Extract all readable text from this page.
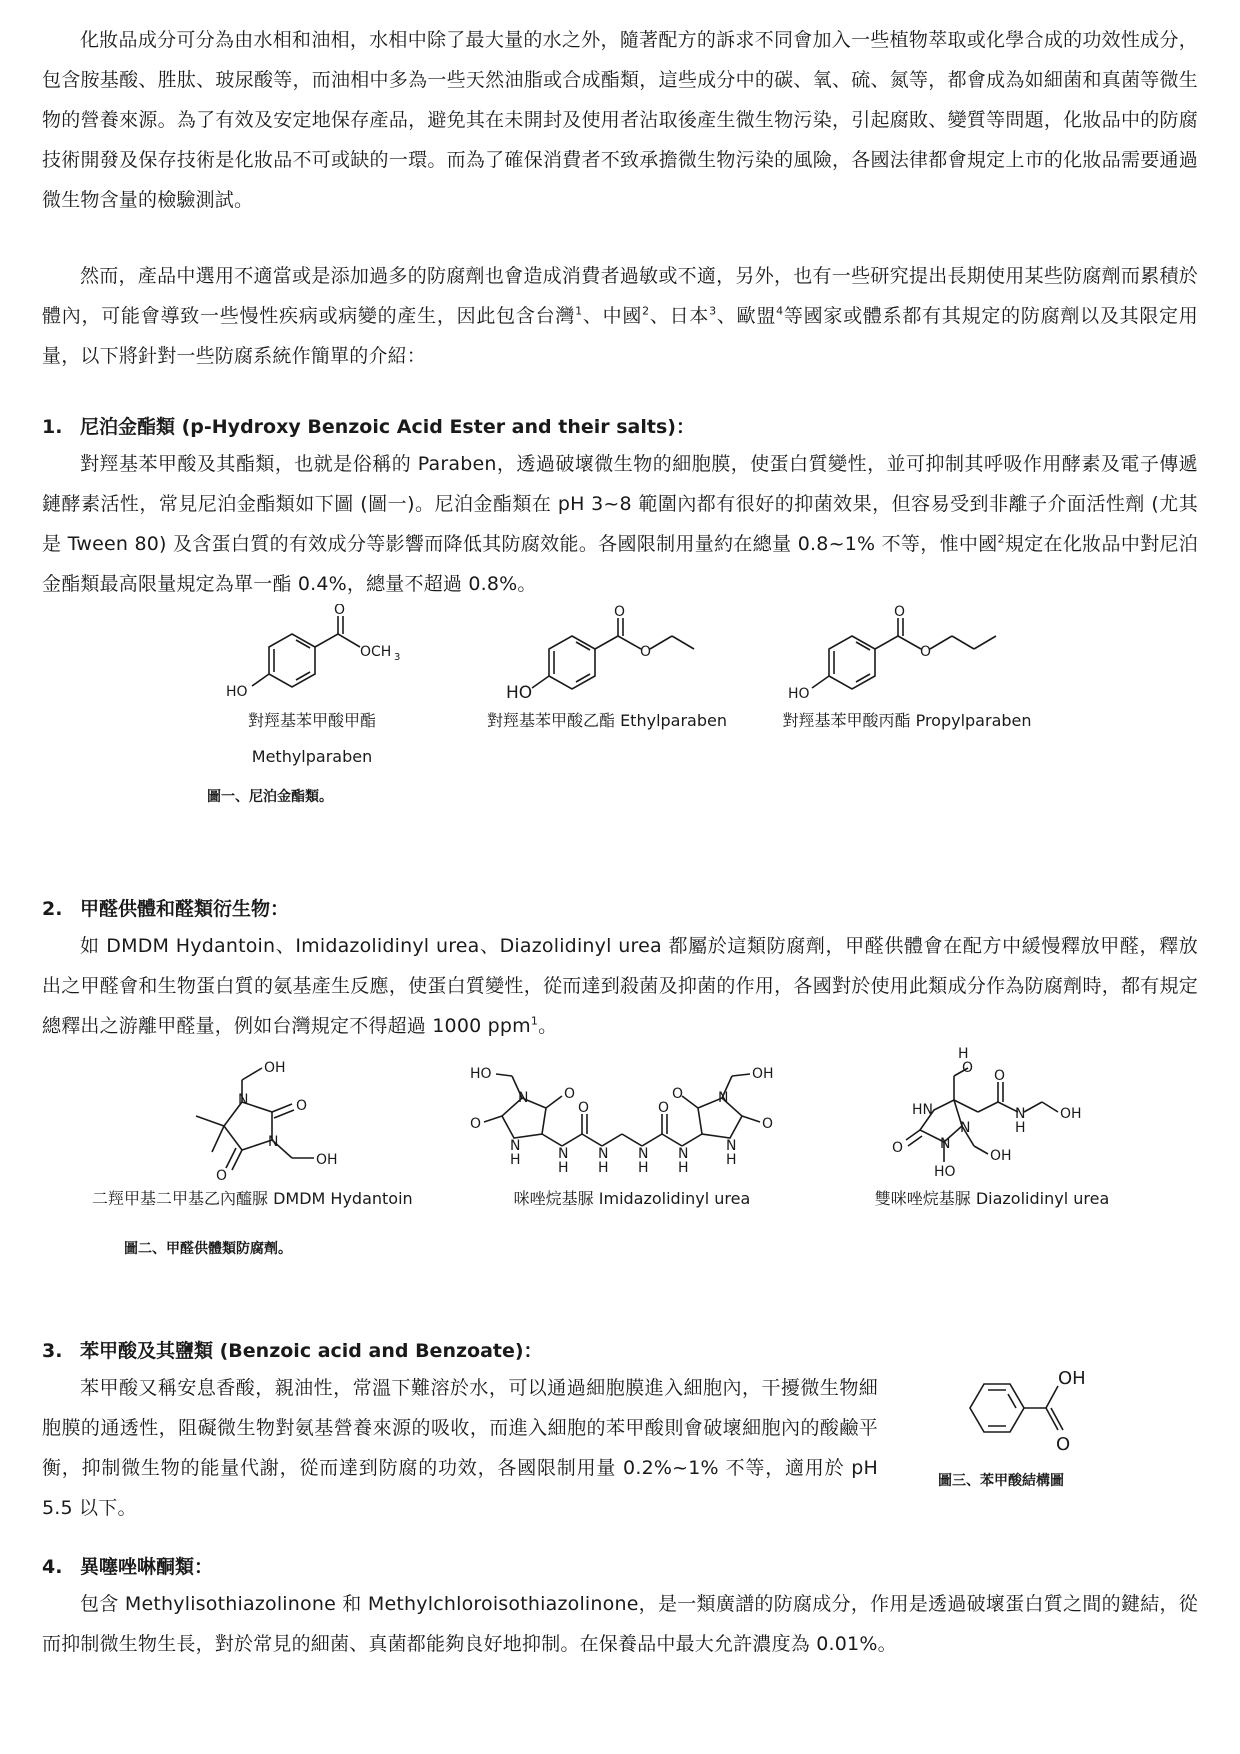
化妝品成分可分為由水相和油相，水相中除了最大量的水之外，隨著配方的訴求不同會加入一些植物萃取或化學合成的功效性成分，包含胺基酸、胜肽、玻尿酸等，而油相中多為一些天然油脂或合成酯類，這些成分中的碳、氧、硫、氮等，都會成為如細菌和真菌等微生物的營養來源。為了有效及安定地保存產品，避免其在未開封及使用者沾取後產生微生物污染，引起腐敗、變質等問題，化妝品中的防腐技術開發及保存技術是化妝品不可或缺的一環。而為了確保消費者不致承擔微生物污染的風險，各國法律都會規定上市的化妝品需要通過微生物含量的檢驗測試。

然而，產品中選用不適當或是添加過多的防腐劑也會造成消費者過敏或不適，另外，也有一些研究提出長期使用某些防腐劑而累積於體內，可能會導致一些慢性疾病或病變的產生，因此包含台灣$^1$、中國$^2$、日本$^3$、歐盟$^4$等國家或體系都有其規定的防腐劑以及其限定用量，以下將針對一些防腐系統作簡單的介紹：

1. 尼泊金酯類 (p-Hydroxy Benzoic Acid Ester and their salts)：

對羥基苯甲酸及其酯類，也就是俗稱的 Paraben，透過破壞微生物的細胞膜，使蛋白質變性，並可抑制其呼吸作用酵素及電子傳遞鏈酵素活性，常見尼泊金酯類如下圖 (圖一)。尼泊金酯類在 pH 3~8 範圍內都有很好的抑菌效果，但容易受到非離子介面活性劑 (尤其是 Tween 80) 及含蛋白質的有效成分等影響而降低其防腐效能。各國限制用量約在總量 0.8~1% 不等，惟中國$^2$規定在化妝品中對尼泊金酯類最高限量規定為單一酯 0.4%，總量不超過 0.8%。

O
OCH 3
HO
對羥基苯甲酸甲酯
Methylparaben
O
O
HO
對羥基苯甲酸乙酯 Ethylparaben
O
O
HO
對羥基苯甲酸丙酯 Propylparaben
圖一、尼泊金酯類。

2. 甲醛供體和醛類衍生物：

如 DMDM Hydantoin、Imidazolidinyl urea、Diazolidinyl urea 都屬於這類防腐劑，甲醛供體會在配方中緩慢釋放甲醛，釋放出之甲醛會和生物蛋白質的氨基產生反應，使蛋白質變性，從而達到殺菌及抑菌的作用，各國對於使用此類成分作為防腐劑時，都有規定總釋出之游離甲醛量，例如台灣規定不得超過 1000 ppm$^1$。

N
N
O
O
OH
OH
二羥甲基二甲基乙內醯脲 DMDM Hydantoin
HO
N	O
O
N
H	N
H
O
N
H
N
H
O
N
H
O N
O
N
H
OH
咪唑烷基脲 Imidazolidinyl urea
H
O
HN
N
N
O
N
H
OH
OH
O
HO
雙咪唑烷基脲 Diazolidinyl urea
圖二、甲醛供體類防腐劑。

3. 苯甲酸及其鹽類 (Benzoic acid and Benzoate)：

苯甲酸又稱安息香酸，親油性，常溫下難溶於水，可以通過細胞膜進入細胞內，干擾微生物細胞膜的通透性，阻礙微生物對氨基營養來源的吸收，而進入細胞的苯甲酸則會破壞細胞內的酸鹼平衡，抑制微生物的能量代謝，從而達到防腐的功效，各國限制用量 0.2%~1% 不等，適用於 pH 5.5 以下。

OH
O
圖三、苯甲酸結構圖

4. 異噻唑啉酮類：

包含 Methylisothiazolinone 和 Methylchloroisothiazolinone，是一類廣譜的防腐成分，作用是透過破壞蛋白質之間的鍵結，從而抑制微生物生長，對於常見的細菌、真菌都能夠良好地抑制。在保養品中最大允許濃度為 0.01%。
